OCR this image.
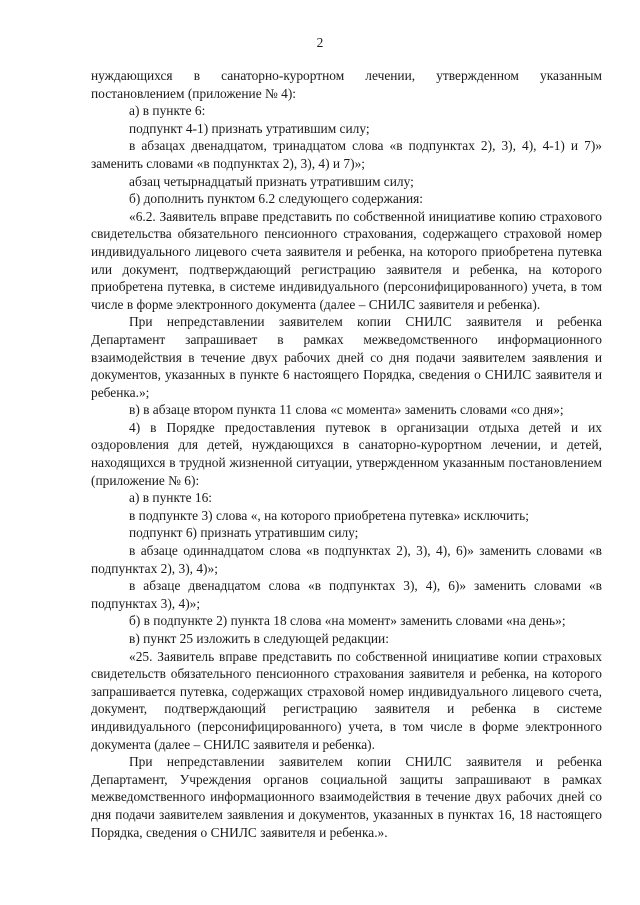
2

нуждающихся в санаторно-курортном лечении, утвержденном указанным постановлением (приложение № 4):

а) в пункте 6:

подпункт 4-1) признать утратившим силу;

в абзацах двенадцатом, тринадцатом слова «в подпунктах 2), 3), 4), 4-1) и 7)» заменить словами «в подпунктах 2), 3), 4) и 7)»;

абзац четырнадцатый признать утратившим силу;

б) дополнить пунктом 6.2 следующего содержания:

«6.2. Заявитель вправе представить по собственной инициативе копию страхового свидетельства обязательного пенсионного страхования, содержащего страховой номер индивидуального лицевого счета заявителя и ребенка, на которого приобретена путевка или документ, подтверждающий регистрацию заявителя и ребенка, на которого приобретена путевка, в системе индивидуального (персонифицированного) учета, в том числе в форме электронного документа (далее – СНИЛС заявителя и ребенка).

При непредставлении заявителем копии СНИЛС заявителя и ребенка Департамент запрашивает в рамках межведомственного информационного взаимодействия в течение двух рабочих дней со дня подачи заявителем заявления и документов, указанных в пункте 6 настоящего Порядка, сведения о СНИЛС заявителя и ребенка.»;

в) в абзаце втором пункта 11 слова «с момента» заменить словами «со дня»;

4) в Порядке предоставления путевок в организации отдыха детей и их оздоровления для детей, нуждающихся в санаторно-курортном лечении, и детей, находящихся в трудной жизненной ситуации, утвержденном указанным постановлением (приложение № 6):

а) в пункте 16:

в подпункте 3) слова «, на которого приобретена путевка» исключить;

подпункт 6) признать утратившим силу;

в абзаце одиннадцатом слова «в подпунктах 2), 3), 4), 6)» заменить словами «в подпунктах 2), 3), 4)»;

в абзаце двенадцатом слова «в подпунктах 3), 4), 6)» заменить словами «в подпунктах 3), 4)»;

б) в подпункте 2) пункта 18 слова «на момент» заменить словами «на день»;

в) пункт 25 изложить в следующей редакции:

«25. Заявитель вправе представить по собственной инициативе копии страховых свидетельств обязательного пенсионного страхования заявителя и ребенка, на которого запрашивается путевка, содержащих страховой номер индивидуального лицевого счета, документ, подтверждающий регистрацию заявителя и ребенка в системе индивидуального (персонифицированного) учета, в том числе в форме электронного документа (далее – СНИЛС заявителя и ребенка).

При непредставлении заявителем копии СНИЛС заявителя и ребенка Департамент, Учреждения органов социальной защиты запрашивают в рамках межведомственного информационного взаимодействия в течение двух рабочих дней со дня подачи заявителем заявления и документов, указанных в пунктах 16, 18 настоящего Порядка, сведения о СНИЛС заявителя и ребенка.».
